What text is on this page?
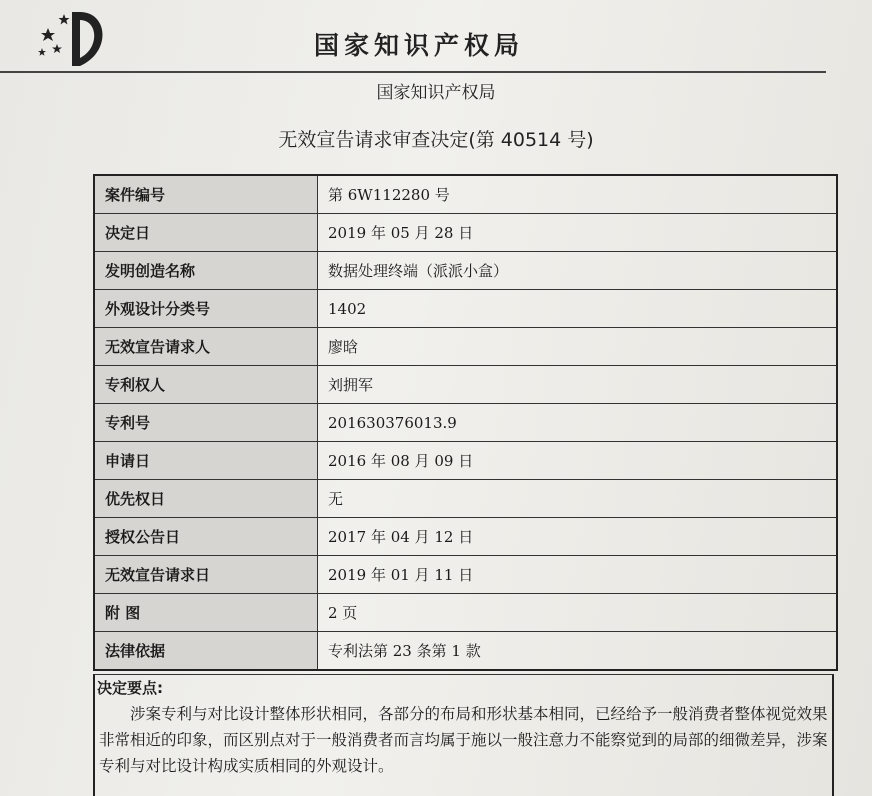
国家知识产权局
国家知识产权局
无效宣告请求审查决定(第 40514 号)
案件编号	第 6W112280 号
决定日	2019 年 05 月 28 日
发明创造名称	数据处理终端（派派小盒）
外观设计分类号	1402
无效宣告请求人	廖晗
专利权人	刘拥军
专利号	201630376013.9
申请日	2016 年 08 月 09 日
优先权日	无
授权公告日	2017 年 04 月 12 日
无效宣告请求日	2019 年 01 月 11 日
附 图	2 页
法律依据	专利法第 23 条第 1 款
决定要点:
涉案专利与对比设计整体形状相同，各部分的布局和形状基本相同，已经给予一般消费者整体视觉效果非常相近的印象，而区别点对于一般消费者而言均属于施以一般注意力不能察觉到的局部的细微差异，涉案专利与对比设计构成实质相同的外观设计。
